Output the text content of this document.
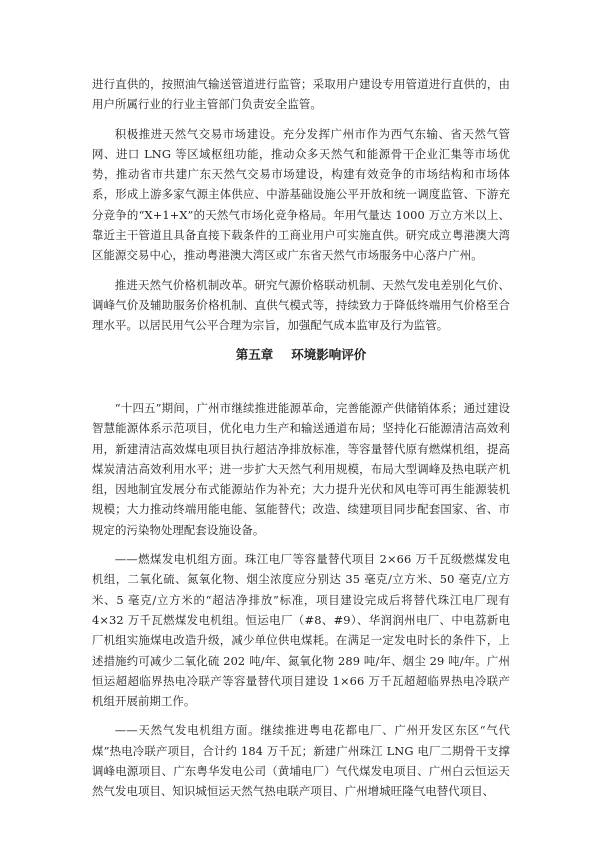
进行直供的，按照油气输送管道进行监管；采取用户建设专用管道进行直供的，由用户所属行业的行业主管部门负责安全监管。

积极推进天然气交易市场建设。充分发挥广州市作为西气东输、省天然气管网、进口 LNG 等区域枢纽功能，推动众多天然气和能源骨干企业汇集等市场优势，推动省市共建广东天然气交易市场建设，构建有效竞争的市场结构和市场体系，形成上游多家气源主体供应、中游基础设施公平开放和统一调度监管、下游充分竞争的“X+1+X”的天然气市场化竞争格局。年用气量达 1000 万立方米以上、靠近主干管道且具备直接下载条件的工商业用户可实施直供。研究成立粤港澳大湾区能源交易中心，推动粤港澳大湾区或广东省天然气市场服务中心落户广州。

推进天然气价格机制改革。研究气源价格联动机制、天然气发电差别化气价、调峰气价及辅助服务价格机制、直供气模式等，持续致力于降低终端用气价格至合理水平。以居民用气公平合理为宗旨，加强配气成本监审及行为监管。

第五章 环境影响评价

“十四五”期间，广州市继续推进能源革命，完善能源产供储销体系；通过建设智慧能源体系示范项目，优化电力生产和输送通道布局；坚持化石能源清洁高效利用，新建清洁高效煤电项目执行超洁净排放标准，等容量替代原有燃煤机组，提高煤炭清洁高效利用水平；进一步扩大天然气利用规模，布局大型调峰及热电联产机组，因地制宜发展分布式能源站作为补充；大力提升光伏和风电等可再生能源装机规模；大力推动终端用能电能、氢能替代；改造、续建项目同步配套国家、省、市规定的污染物处理配套设施设备。

——燃煤发电机组方面。珠江电厂等容量替代项目 2×66 万千瓦级燃煤发电机组，二氧化硫、氮氧化物、烟尘浓度应分别达 35 毫克/立方米、50 毫克/立方米、5 毫克/立方米的“超洁净排放”标准，项目建设完成后将替代珠江电厂现有 4×32 万千瓦燃煤发电机组。恒运电厂（#8、#9）、华润润州电厂、中电荔新电厂机组实施煤电改造升级，减少单位供电煤耗。在满足一定发电时长的条件下，上述措施约可减少二氧化硫 202 吨/年、氮氧化物 289 吨/年、烟尘 29 吨/年。广州恒运超超临界热电冷联产等容量替代项目建设 1×66 万千瓦超超临界热电冷联产机组开展前期工作。

——天然气发电机组方面。继续推进粤电花都电厂、广州开发区东区“气代煤”热电冷联产项目，合计约 184 万千瓦；新建广州珠江 LNG 电厂二期骨干支撑调峰电源项目、广东粤华发电公司（黄埔电厂）气代煤发电项目、广州白云恒运天然气发电项目、知识城恒运天然气热电联产项目、广州增城旺隆气电替代项目、
